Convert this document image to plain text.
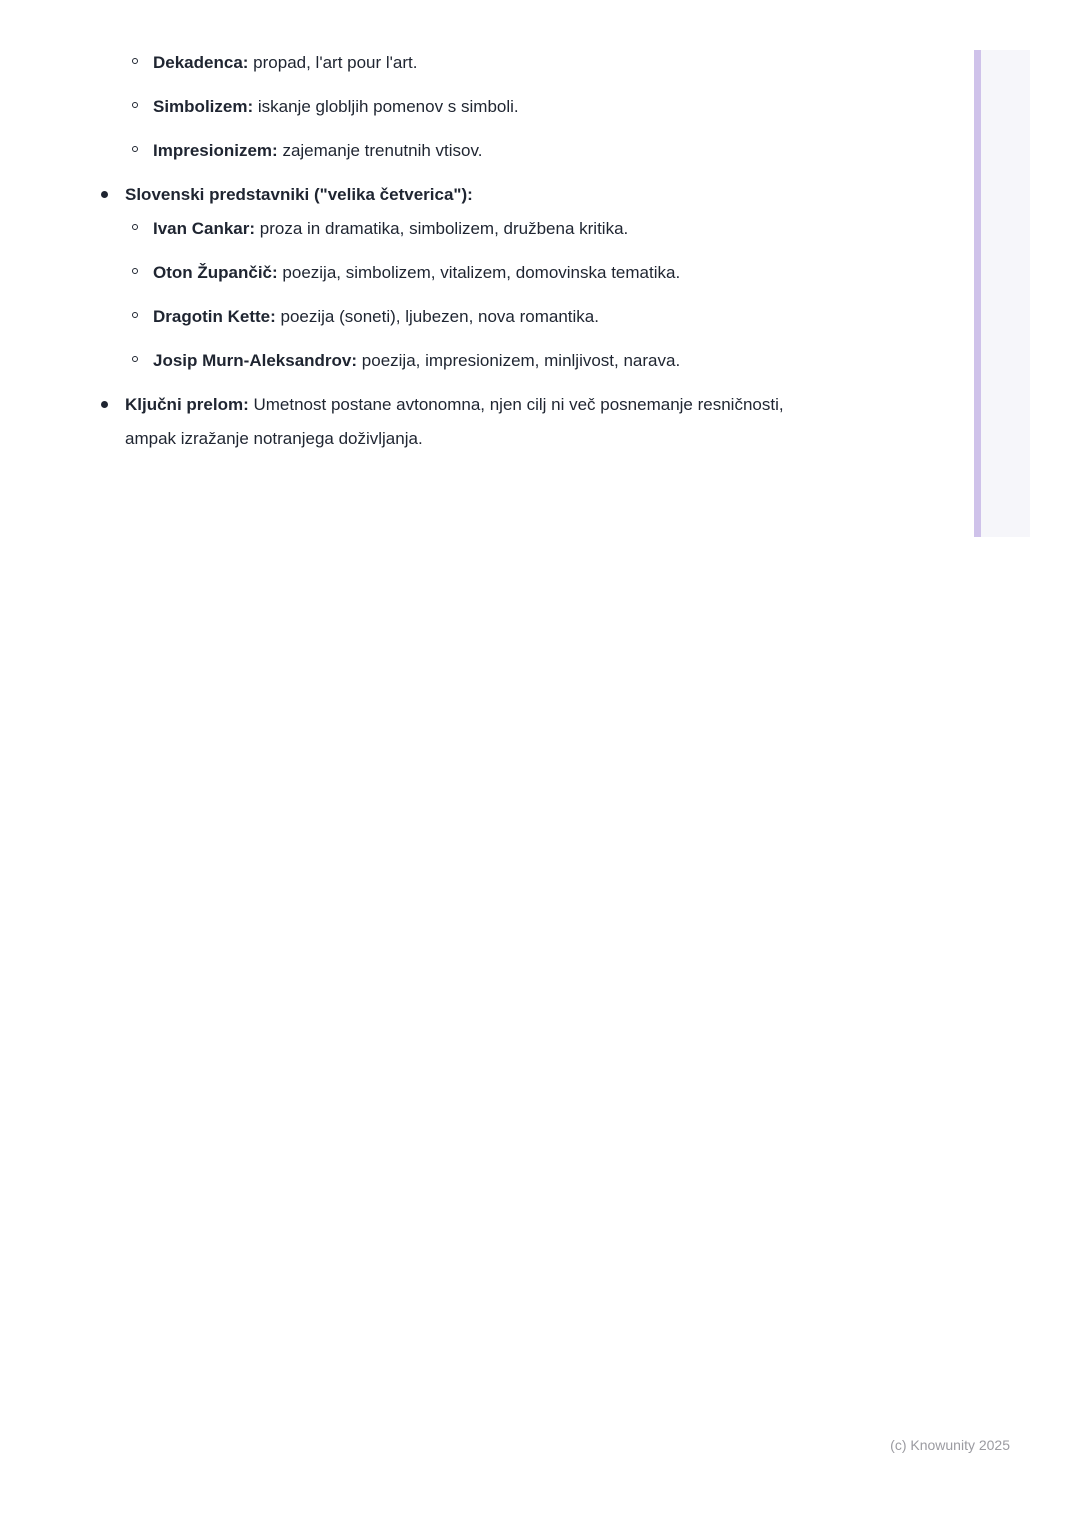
Dekadenca: propad, l'art pour l'art.
Simbolizem: iskanje globljih pomenov s simboli.
Impresionizem: zajemanje trenutnih vtisov.
Slovenski predstavniki ("velika četverica"):
Ivan Cankar: proza in dramatika, simbolizem, družbena kritika.
Oton Župančič: poezija, simbolizem, vitalizem, domovinska tematika.
Dragotin Kette: poezija (soneti), ljubezen, nova romantika.
Josip Murn-Aleksandrov: poezija, impresionizem, minljivost, narava.
Ključni prelom: Umetnost postane avtonomna, njen cilj ni več posnemanje resničnosti, ampak izražanje notranjega doživljanja.
(c) Knowunity 2025
